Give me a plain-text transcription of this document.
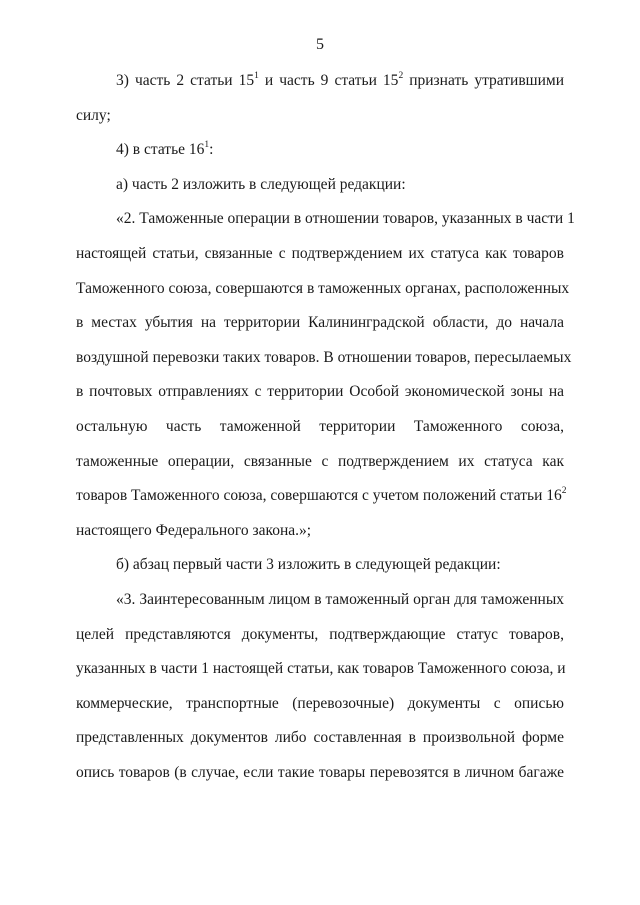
5
3) часть 2 статьи $15^1$ и часть 9 статьи $15^2$ признать утратившими
силу;
4) в статье $16^1$:
а) часть 2 изложить в следующей редакции:
«2. Таможенные операции в отношении товаров, указанных в части 1
настоящей статьи, связанные с подтверждением их статуса как товаров
Таможенного союза, совершаются в таможенных органах, расположенных
в местах убытия на территории Калининградской области, до начала
воздушной перевозки таких товаров. В отношении товаров, пересылаемых
в почтовых отправлениях с территории Особой экономической зоны на
остальную часть таможенной территории Таможенного союза,
таможенные операции, связанные с подтверждением их статуса как
товаров Таможенного союза, совершаются с учетом положений статьи $16^2$
настоящего Федерального закона.»;
б) абзац первый части 3 изложить в следующей редакции:
«3. Заинтересованным лицом в таможенный орган для таможенных
целей представляются документы, подтверждающие статус товаров,
указанных в части 1 настоящей статьи, как товаров Таможенного союза, и
коммерческие, транспортные (перевозочные) документы с описью
представленных документов либо составленная в произвольной форме
опись товаров (в случае, если такие товары перевозятся в личном багаже
